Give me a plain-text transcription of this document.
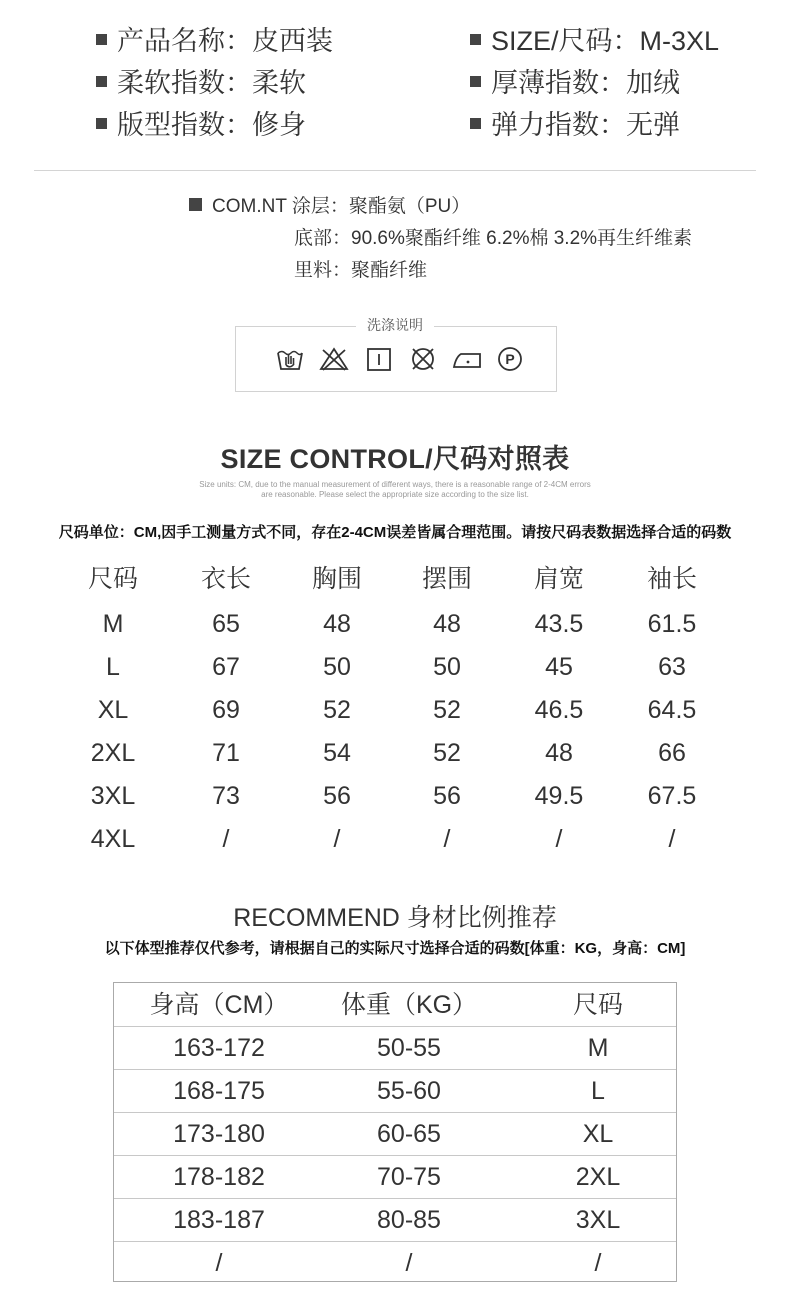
产品名称：皮西装	SIZE/尺码：M-3XL
柔软指数：柔软	厚薄指数：加绒
版型指数：修身	弹力指数：无弹
COM.NT 涂层：聚酯氨（PU）
底部：90.6%聚酯纤维 6.2%棉 3.2%再生纤维素
里料：聚酯纤维
洗涤说明
P
SIZE CONTROL/尺码对照表
Size units: CM, due to the manual measurement of different ways, there is a reasonable range of 2-4CM errors
are reasonable. Please select the appropriate size according to the size list.
尺码单位：CM,因手工测量方式不同，存在2-4CM误差皆属合理范围。请按尺码表数据选择合适的码数
尺码	衣长	胸围	摆围	肩宽	袖长
M	65	48	48	43.5	61.5
L	67	50	50	45	63
XL	69	52	52	46.5	64.5
2XL	71	54	52	48	66
3XL	73	56	56	49.5	67.5
4XL	/	/	/	/	/
RECOMMEND 身材比例推荐
以下体型推荐仅代参考，请根据自己的实际尺寸选择合适的码数[体重：KG，身高：CM]
身高（CM）	体重（KG）	尺码
163-172	50-55	M
168-175	55-60	L
173-180	60-65	XL
178-182	70-75	2XL
183-187	80-85	3XL
/	/	/
